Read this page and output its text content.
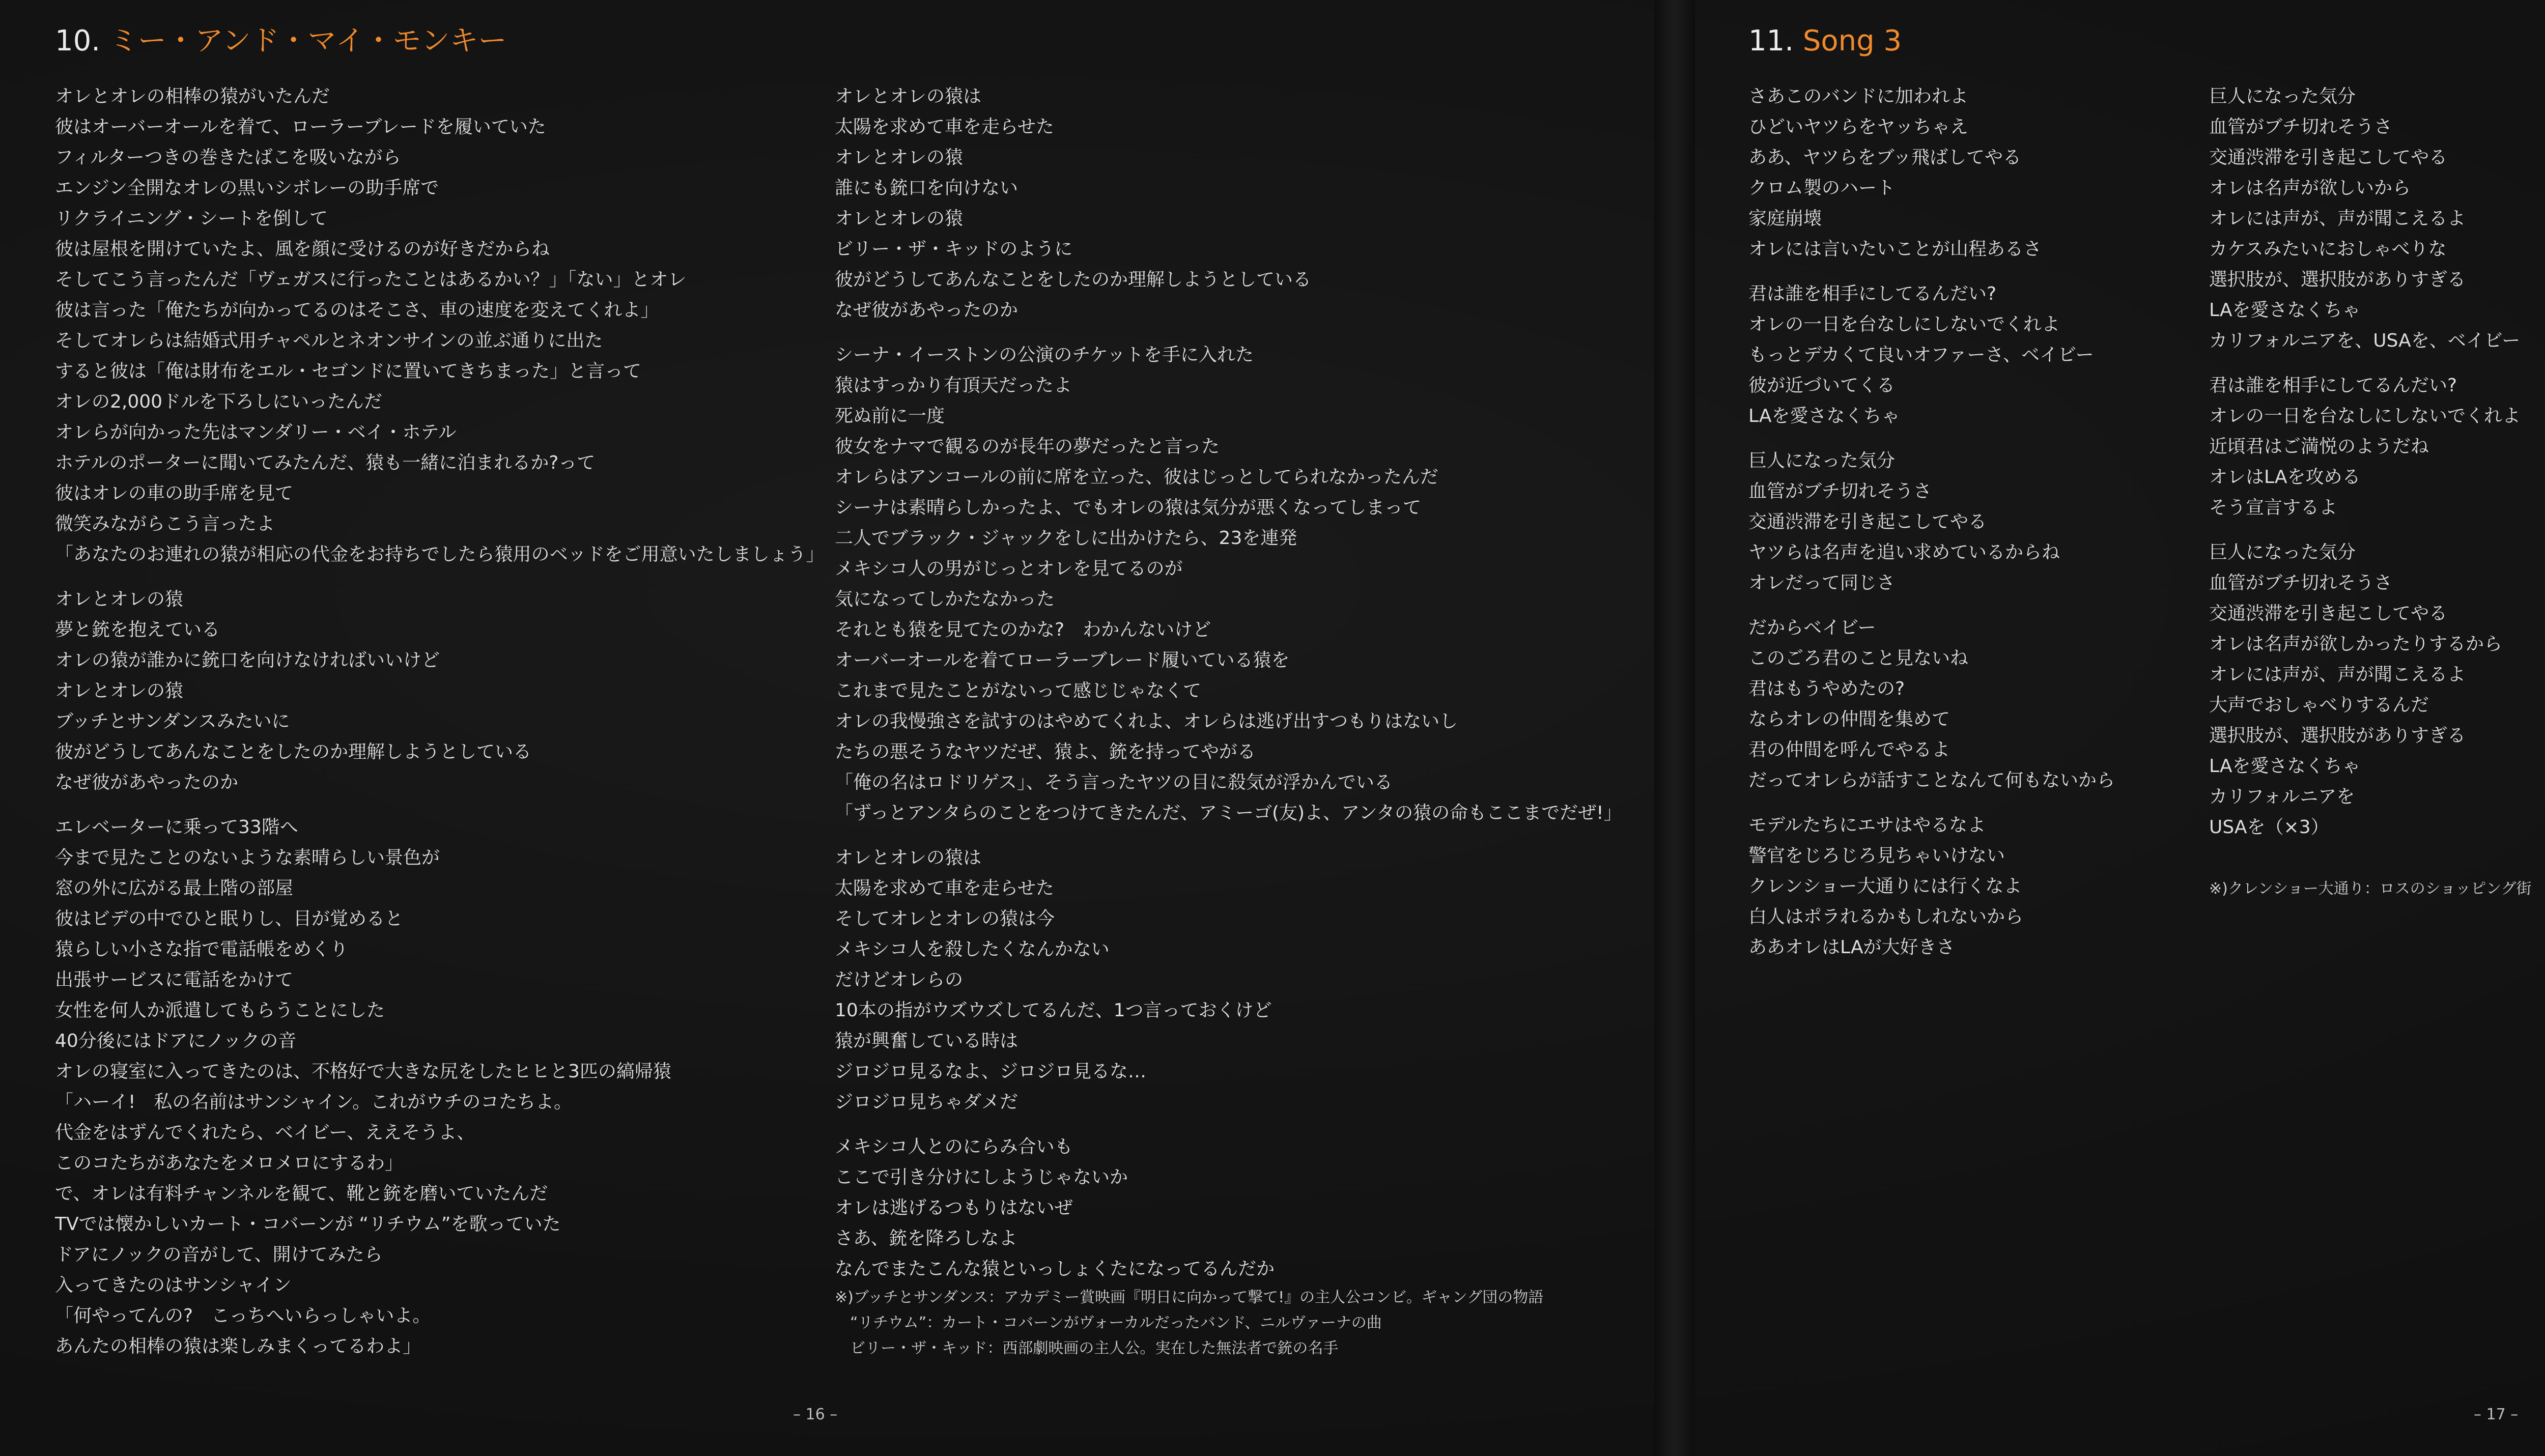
10. ミー・アンド・マイ・モンキー
オレとオレの相棒の猿がいたんだ
彼はオーバーオールを着て、ローラーブレードを履いていた
フィルターつきの巻きたばこを吸いながら
エンジン全開なオレの黒いシボレーの助手席で
リクライニング・シートを倒して
彼は屋根を開けていたよ、風を顔に受けるのが好きだからね
そしてこう言ったんだ「ヴェガスに行ったことはあるかい？」「ない」とオレ
彼は言った「俺たちが向かってるのはそこさ、車の速度を変えてくれよ」
そしてオレらは結婚式用チャペルとネオンサインの並ぶ通りに出た
すると彼は「俺は財布をエル・セゴンドに置いてきちまった」と言って
オレの2,000ドルを下ろしにいったんだ
オレらが向かった先はマンダリー・ベイ・ホテル
ホテルのポーターに聞いてみたんだ、猿も一緒に泊まれるか?って
彼はオレの車の助手席を見て
微笑みながらこう言ったよ
「あなたのお連れの猿が相応の代金をお持ちでしたら猿用のベッドをご用意いたしましょう」
オレとオレの猿
夢と銃を抱えている
オレの猿が誰かに銃口を向けなければいいけど
オレとオレの猿
ブッチとサンダンスみたいに
彼がどうしてあんなことをしたのか理解しようとしている
なぜ彼があやったのか
エレベーターに乗って33階へ
今まで見たことのないような素晴らしい景色が
窓の外に広がる最上階の部屋
彼はビデの中でひと眠りし、目が覚めると
猿らしい小さな指で電話帳をめくり
出張サービスに電話をかけて
女性を何人か派遣してもらうことにした
40分後にはドアにノックの音
オレの寝室に入ってきたのは、不格好で大きな尻をしたヒヒと3匹の縞帰猿
「ハーイ!　私の名前はサンシャイン。これがウチのコたちよ。
代金をはずんでくれたら、ベイビー、ええそうよ、
このコたちがあなたをメロメロにするわ」
で、オレは有料チャンネルを観て、靴と銃を磨いていたんだ
TVでは懐かしいカート・コバーンが “リチウム”を歌っていた
ドアにノックの音がして、開けてみたら
入ってきたのはサンシャイン
「何やってんの?　こっちへいらっしゃいよ。
あんたの相棒の猿は楽しみまくってるわよ」
オレとオレの猿は
太陽を求めて車を走らせた
オレとオレの猿
誰にも銃口を向けない
オレとオレの猿
ビリー・ザ・キッドのように
彼がどうしてあんなことをしたのか理解しようとしている
なぜ彼があやったのか
シーナ・イーストンの公演のチケットを手に入れた
猿はすっかり有頂天だったよ
死ぬ前に一度
彼女をナマで観るのが長年の夢だったと言った
オレらはアンコールの前に席を立った、彼はじっとしてられなかったんだ
シーナは素晴らしかったよ、でもオレの猿は気分が悪くなってしまって
二人でブラック・ジャックをしに出かけたら、23を連発
メキシコ人の男がじっとオレを見てるのが
気になってしかたなかった
それとも猿を見てたのかな?　わかんないけど
オーバーオールを着てローラーブレード履いている猿を
これまで見たことがないって感じじゃなくて
オレの我慢強さを試すのはやめてくれよ、オレらは逃げ出すつもりはないし
たちの悪そうなヤツだぜ、猿よ、銃を持ってやがる
「俺の名はロドリゲス」、そう言ったヤツの目に殺気が浮かんでいる
「ずっとアンタらのことをつけてきたんだ、アミーゴ(友)よ、アンタの猿の命もここまでだぜ!」
オレとオレの猿は
太陽を求めて車を走らせた
そしてオレとオレの猿は今
メキシコ人を殺したくなんかない
だけどオレらの
10本の指がウズウズしてるんだ、1つ言っておくけど
猿が興奮している時は
ジロジロ見るなよ、ジロジロ見るな…
ジロジロ見ちゃダメだ
メキシコ人とのにらみ合いも
ここで引き分けにしようじゃないか
オレは逃げるつもりはないぜ
さあ、銃を降ろしなよ
なんでまたこんな猿といっしょくたになってるんだか
※)ブッチとサンダンス：アカデミー賞映画『明日に向かって撃て!』の主人公コンビ。ギャング団の物語
　“リチウム”：カート・コバーンがヴォーカルだったバンド、ニルヴァーナの曲
　ビリー・ザ・キッド：西部劇映画の主人公。実在した無法者で銃の名手
– 16 –
11. Song 3
さあこのバンドに加われよ
ひどいヤツらをヤッちゃえ
ああ、ヤツらをブッ飛ばしてやる
クロム製のハート
家庭崩壊
オレには言いたいことが山程あるさ
君は誰を相手にしてるんだい?
オレの一日を台なしにしないでくれよ
もっとデカくて良いオファーさ、ベイビー
彼が近づいてくる
LAを愛さなくちゃ
巨人になった気分
血管がブチ切れそうさ
交通渋滞を引き起こしてやる
ヤツらは名声を追い求めているからね
オレだって同じさ
だからベイビー
このごろ君のこと見ないね
君はもうやめたの?
ならオレの仲間を集めて
君の仲間を呼んでやるよ
だってオレらが話すことなんて何もないから
モデルたちにエサはやるなよ
警官をじろじろ見ちゃいけない
クレンショー大通りには行くなよ
白人はポラれるかもしれないから
ああオレはLAが大好きさ
巨人になった気分
血管がブチ切れそうさ
交通渋滞を引き起こしてやる
オレは名声が欲しいから
オレには声が、声が聞こえるよ
カケスみたいにおしゃべりな
選択肢が、選択肢がありすぎる
LAを愛さなくちゃ
カリフォルニアを、USAを、ベイビー
君は誰を相手にしてるんだい?
オレの一日を台なしにしないでくれよ
近頃君はご満悦のようだね
オレはLAを攻める
そう宣言するよ
巨人になった気分
血管がブチ切れそうさ
交通渋滞を引き起こしてやる
オレは名声が欲しかったりするから
オレには声が、声が聞こえるよ
大声でおしゃべりするんだ
選択肢が、選択肢がありすぎる
LAを愛さなくちゃ
カリフォルニアを
USAを（×3）
※)クレンショー大通り：ロスのショッピング街
– 17 –
